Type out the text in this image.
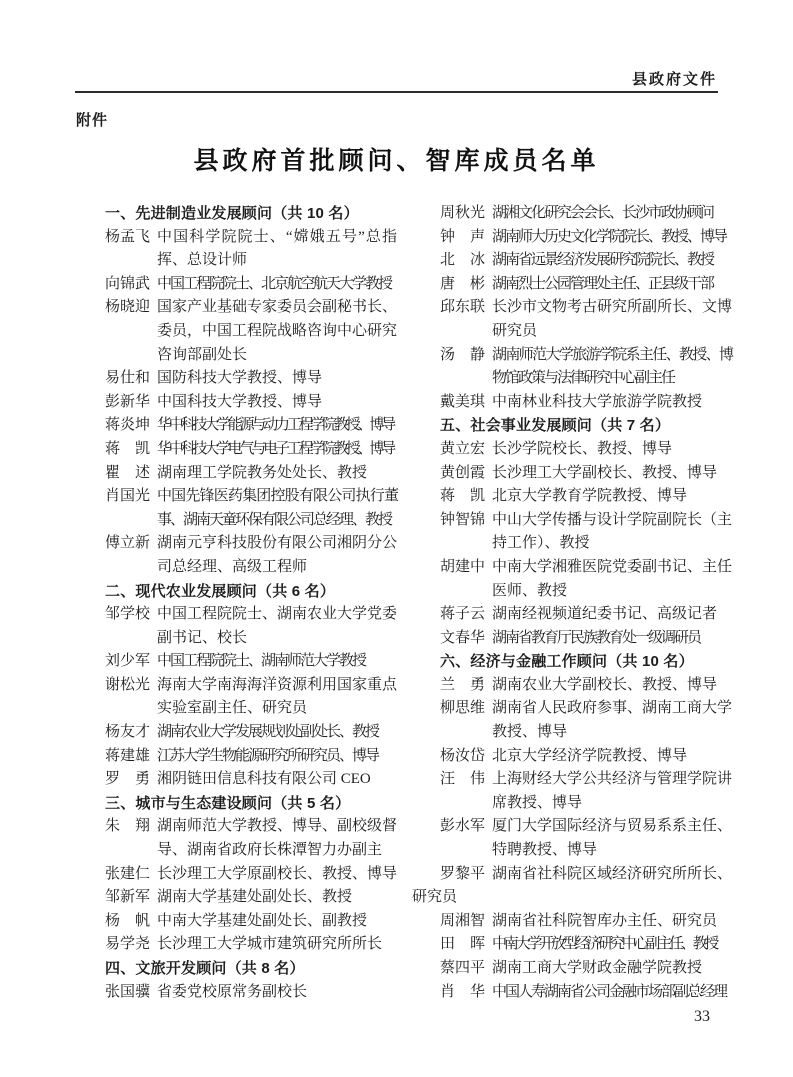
县政府文件
附件
县政府首批顾问、智库成员名单
一、先进制造业发展顾问（共 10 名）
杨孟飞 中国科学院院士、“嫦娥五号”总指挥、总设计师
向锦武 中国工程院院士、北京航空航天大学教授
杨晓迎 国家产业基础专家委员会副秘书长、委员，中国工程院战略咨询中心研究咨询部副处长
易仕和 国防科技大学教授、博导
彭新华 中国科技大学教授、博导
蒋炎坤 华中科技大学能源与动力工程学院教授、博导
蒋　凯 华中科技大学电气与电子工程学院教授、博导
瞿　述 湖南理工学院教务处处长、教授
肖国光 中国先锋医药集团控股有限公司执行董事、湖南天童环保有限公司总经理、教授
傅立新 湖南元亨科技股份有限公司湘阴分公司总经理、高级工程师
二、现代农业发展顾问（共 6 名）
邹学校 中国工程院院士、湖南农业大学党委副书记、校长
刘少军 中国工程院院士、湖南师范大学教授
谢松光 海南大学南海海洋资源利用国家重点实验室副主任、研究员
杨友才 湖南农业大学发展规划处副处长、教授
蒋建雄 江苏大学生物能源研究所研究员、博导
罗　勇 湘阴链田信息科技有限公司 CEO
三、城市与生态建设顾问（共 5 名）
朱　翔 湖南师范大学教授、博导、副校级督导、湖南省政府长株潭智力办副主
张建仁 长沙理工大学原副校长、教授、博导
邹新军 湖南大学基建处副处长、教授
杨　帆 中南大学基建处副处长、副教授
易学尧 长沙理工大学城市建筑研究所所长
四、文旅开发顾问（共 8 名）
张国骥 省委党校原常务副校长
周秋光 湖湘文化研究会会长、长沙市政协顾问
钟　声 湖南师大历史文化学院院长、教授、博导
北　冰 湖南省远景经济发展研究院院长、教授
唐　彬 湖南烈士公园管理处主任、正县级干部
邱东联 长沙市文物考古研究所副所长、文博研究员
汤　静 湖南师范大学旅游学院系主任、教授、博物馆政策与法律研究中心副主任
戴美琪 中南林业科技大学旅游学院教授
五、社会事业发展顾问（共 7 名）
黄立宏 长沙学院校长、教授、博导
黄创霞 长沙理工大学副校长、教授、博导
蒋　凯 北京大学教育学院教授、博导
钟智锦 中山大学传播与设计学院副院长（主持工作）、教授
胡建中 中南大学湘雅医院党委副书记、主任医师、教授
蒋子云 湖南经视频道纪委书记、高级记者
文春华 湖南省教育厅民族教育处一级调研员
六、经济与金融工作顾问（共 10 名）
兰　勇 湖南农业大学副校长、教授、博导
柳思维 湖南省人民政府参事、湖南工商大学教授、博导
杨汝岱 北京大学经济学院教授、博导
汪　伟 上海财经大学公共经济与管理学院讲席教授、博导
彭水军 厦门大学国际经济与贸易系系主任、特聘教授、博导
罗黎平 湖南省社科院区域经济研究所所长、
研究员
周湘智 湖南省社科院智库办主任、研究员
田　晖 中南大学开放型经济研究中心副主任、教授
蔡四平 湖南工商大学财政金融学院教授
肖　华 中国人寿湖南省公司金融市场部副总经理
33
